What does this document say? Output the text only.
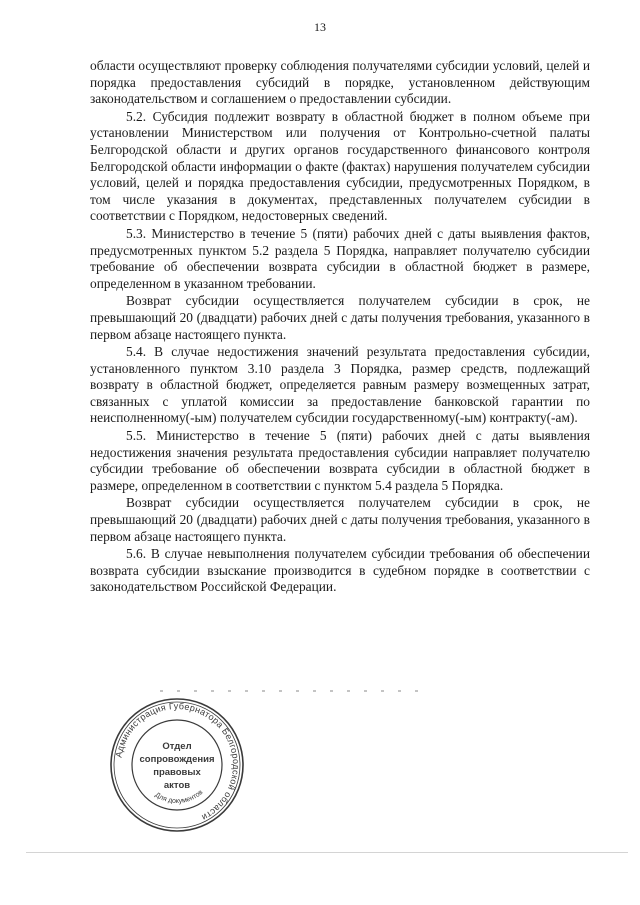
13

области осуществляют проверку соблюдения получателями субсидии условий, целей и порядка предоставления субсидий в порядке, установленном действующим законодательством и соглашением о предоставлении субсидии.

5.2. Субсидия подлежит возврату в областной бюджет в полном объеме при установлении Министерством или получения от Контрольно-счетной палаты Белгородской области и других органов государственного финансового контроля Белгородской области информации о факте (фактах) нарушения получателем субсидии условий, целей и порядка предоставления субсидии, предусмотренных Порядком, в том числе указания в документах, представленных получателем субсидии в соответствии с Порядком, недостоверных сведений.

5.3. Министерство в течение 5 (пяти) рабочих дней с даты выявления фактов, предусмотренных пунктом 5.2 раздела 5 Порядка, направляет получателю субсидии требование об обеспечении возврата субсидии в областной бюджет в размере, определенном в указанном требовании.

Возврат субсидии осуществляется получателем субсидии в срок, не превышающий 20 (двадцати) рабочих дней с даты получения требования, указанного в первом абзаце настоящего пункта.

5.4. В случае недостижения значений результата предоставления субсидии, установленного пунктом 3.10 раздела 3 Порядка, размер средств, подлежащий возврату в областной бюджет, определяется равным размеру возмещенных затрат, связанных с уплатой комиссии за предоставление банковской гарантии по неисполненному(-ым) получателем субсидии государственному(-ым) контракту(-ам).

5.5. Министерство в течение 5 (пяти) рабочих дней с даты выявления недостижения значения результата предоставления субсидии направляет получателю субсидии требование об обеспечении возврата субсидии в областной бюджет в размере, определенном в соответствии с пунктом 5.4 раздела 5 Порядка.

Возврат субсидии осуществляется получателем субсидии в срок, не превышающий 20 (двадцати) рабочих дней с даты получения требования, указанного в первом абзаце настоящего пункта.

5.6. В случае невыполнения получателем субсидии требования об обеспечении возврата субсидии взыскание производится в судебном порядке в соответствии с законодательством Российской Федерации.

Администрация Губернатора Белгородской области
Для документов
Отдел
сопровождения
правовых
актов
